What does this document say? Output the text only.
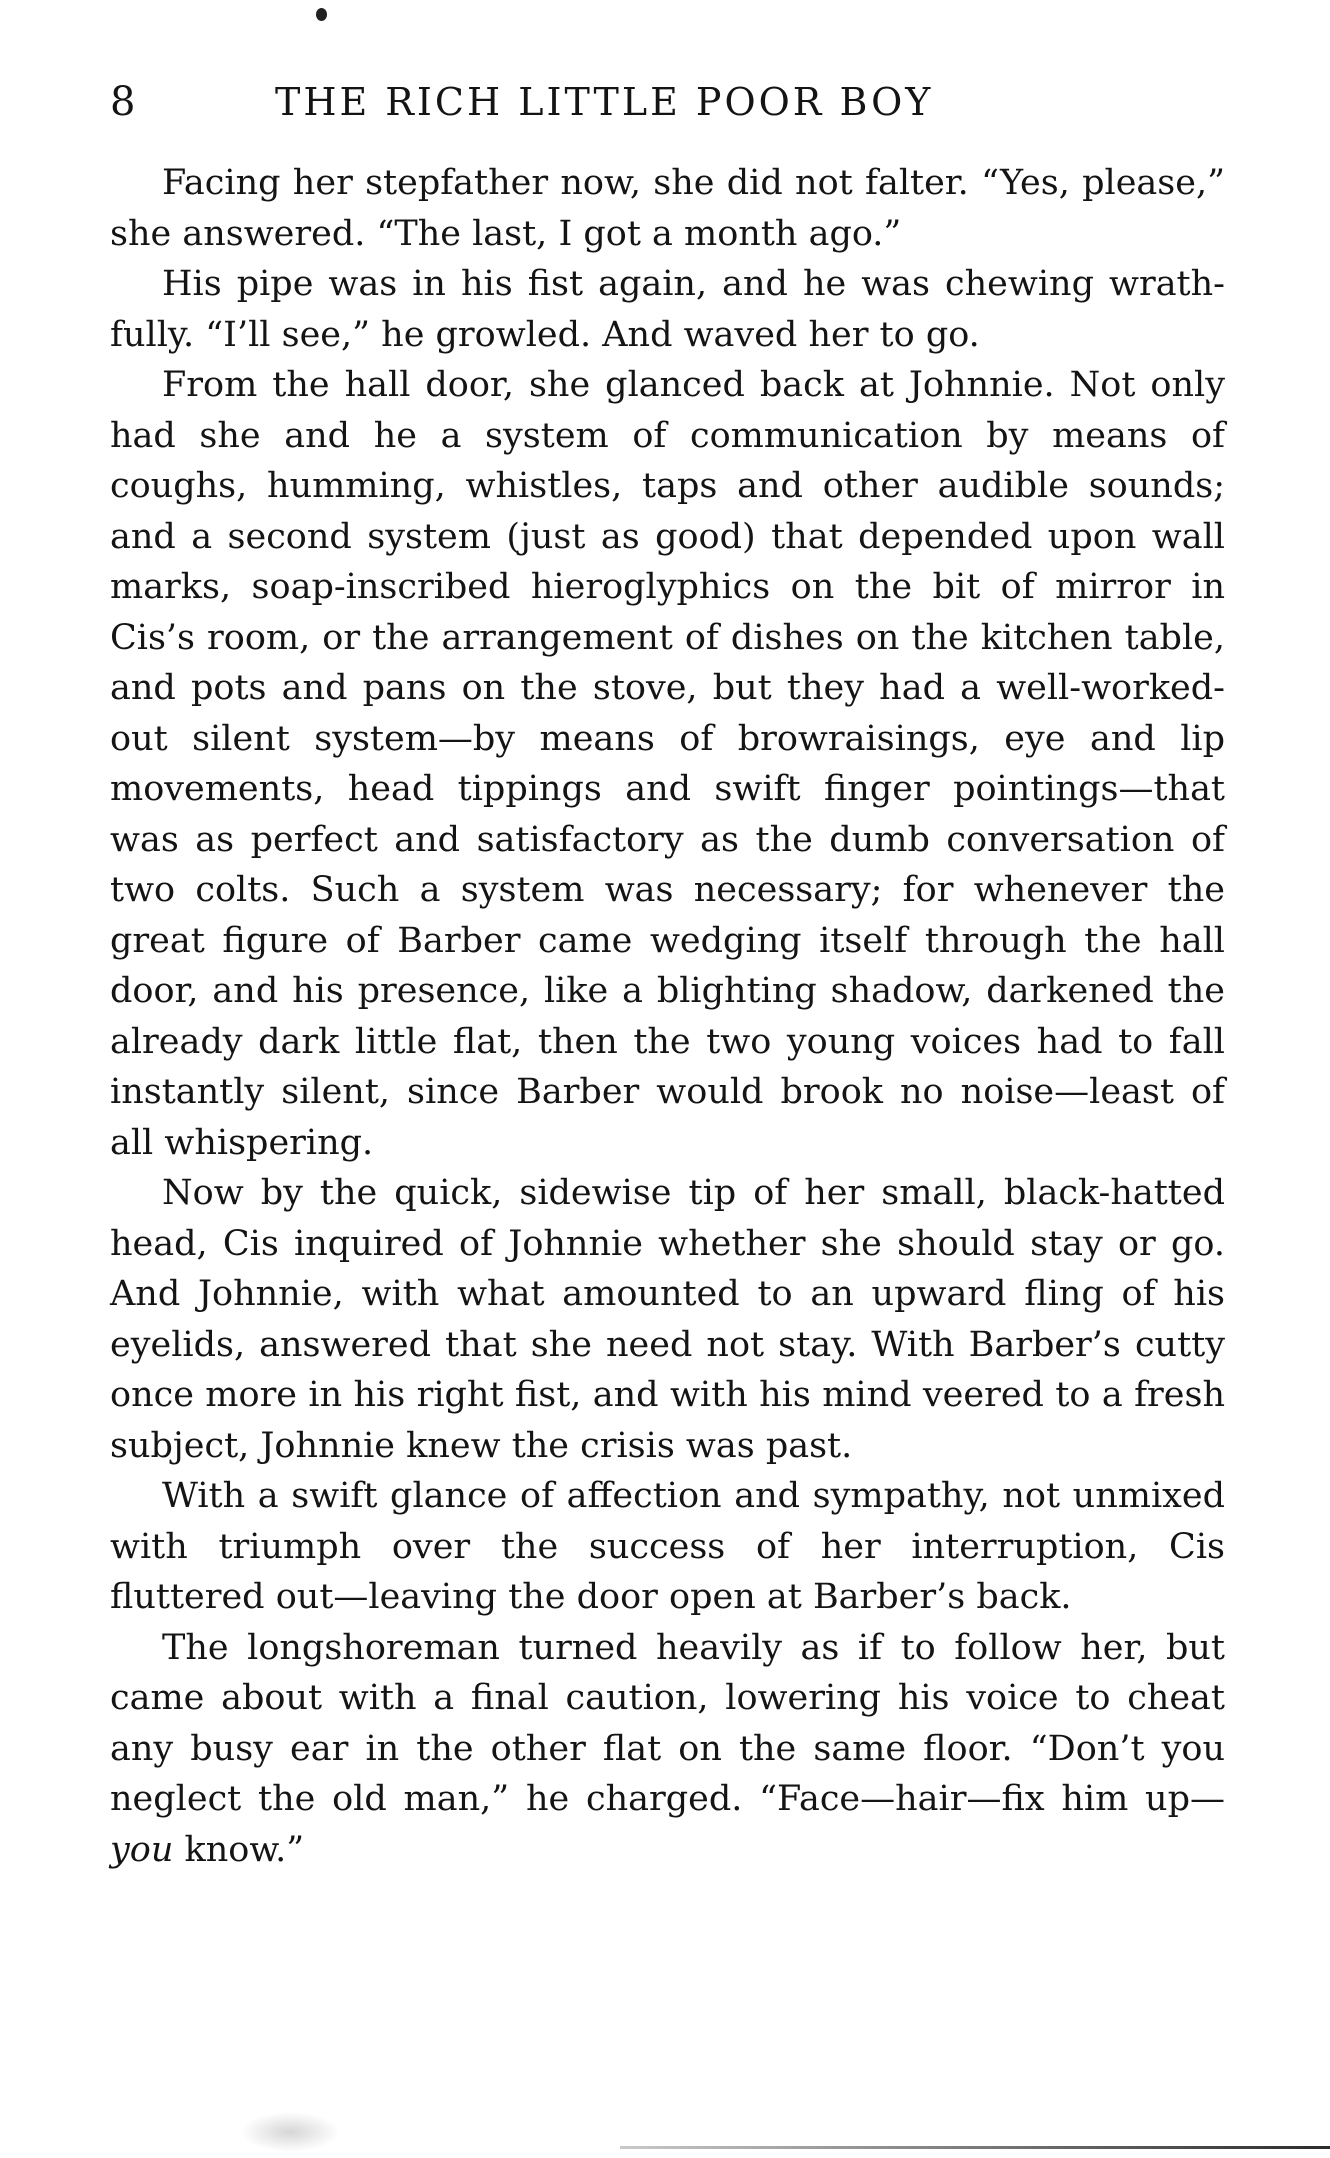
8	THE RICH LITTLE POOR BOY

Facing her stepfather now, she did not falter. “Yes, please,” she answered. “The last, I got a month ago.”

His pipe was in his fist again, and he was chewing wrathfully. “I’ll see,” he growled. And waved her to go.

From the hall door, she glanced back at Johnnie. Not only had she and he a system of communication by means of coughs, humming, whistles, taps and other audible sounds; and a second system (just as good) that depended upon wall marks, soap-inscribed hieroglyphics on the bit of mirror in Cis’s room, or the arrangement of dishes on the kitchen table, and pots and pans on the stove, but they had a well-worked-out silent system—by means of browraisings, eye and lip movements, head tippings and swift finger pointings—that was as perfect and satisfactory as the dumb conversation of two colts. Such a system was necessary; for whenever the great figure of Barber came wedging itself through the hall door, and his presence, like a blighting shadow, darkened the already dark little flat, then the two young voices had to fall instantly silent, since Barber would brook no noise—least of all whispering.

Now by the quick, sidewise tip of her small, black-hatted head, Cis inquired of Johnnie whether she should stay or go. And Johnnie, with what amounted to an upward fling of his eyelids, answered that she need not stay. With Barber’s cutty once more in his right fist, and with his mind veered to a fresh subject, Johnnie knew the crisis was past.

With a swift glance of affection and sympathy, not unmixed with triumph over the success of her interruption, Cis fluttered out—leaving the door open at Barber’s back.

The longshoreman turned heavily as if to follow her, but came about with a final caution, lowering his voice to cheat any busy ear in the other flat on the same floor. “Don’t you neglect the old man,” he charged. “Face—hair—fix him up—you know.”
